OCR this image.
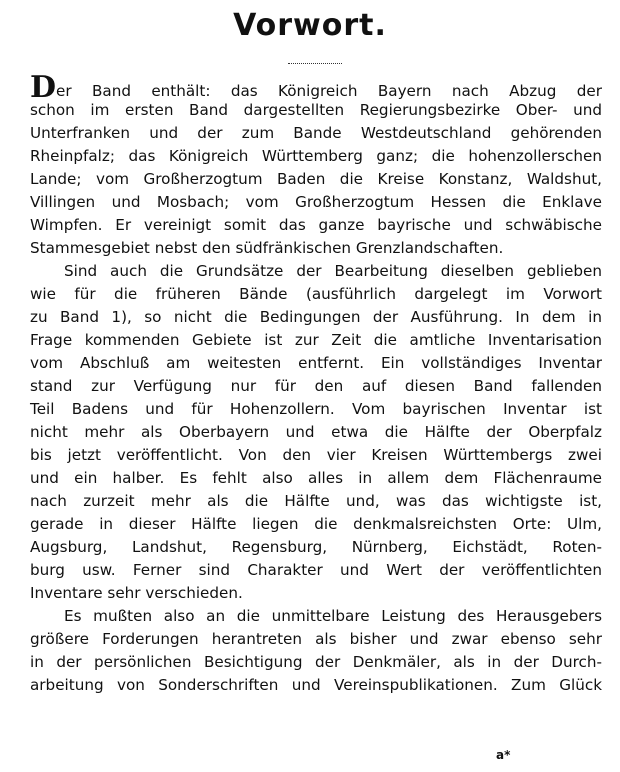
Vorwort.
Der Band enthält: das Königreich Bayern nach Abzug der
schon im ersten Band dargestellten Regierungsbezirke Ober- und
Unterfranken und der zum Bande Westdeutschland gehörenden
Rheinpfalz; das Königreich Württemberg ganz; die hohenzollerschen
Lande; vom Großherzogtum Baden die Kreise Konstanz, Waldshut,
Villingen und Mosbach; vom Großherzogtum Hessen die Enklave
Wimpfen. Er vereinigt somit das ganze bayrische und schwäbische
Stammesgebiet nebst den südfränkischen Grenzlandschaften.
Sind auch die Grundsätze der Bearbeitung dieselben geblieben
wie für die früheren Bände (ausführlich dargelegt im Vorwort
zu Band 1), so nicht die Bedingungen der Ausführung. In dem in
Frage kommenden Gebiete ist zur Zeit die amtliche Inventarisation
vom Abschluß am weitesten entfernt. Ein vollständiges Inventar
stand zur Verfügung nur für den auf diesen Band fallenden
Teil Badens und für Hohenzollern. Vom bayrischen Inventar ist
nicht mehr als Oberbayern und etwa die Hälfte der Oberpfalz
bis jetzt veröffentlicht. Von den vier Kreisen Württembergs zwei
und ein halber. Es fehlt also alles in allem dem Flächenraume
nach zurzeit mehr als die Hälfte und, was das wichtigste ist,
gerade in dieser Hälfte liegen die denkmalsreichsten Orte: Ulm,
Augsburg, Landshut, Regensburg, Nürnberg, Eichstädt, Roten-
burg usw. Ferner sind Charakter und Wert der veröffentlichten
Inventare sehr verschieden.
Es mußten also an die unmittelbare Leistung des Herausgebers
größere Forderungen herantreten als bisher und zwar ebenso sehr
in der persönlichen Besichtigung der Denkmäler, als in der Durch-
arbeitung von Sonderschriften und Vereinspublikationen. Zum Glück
a*
